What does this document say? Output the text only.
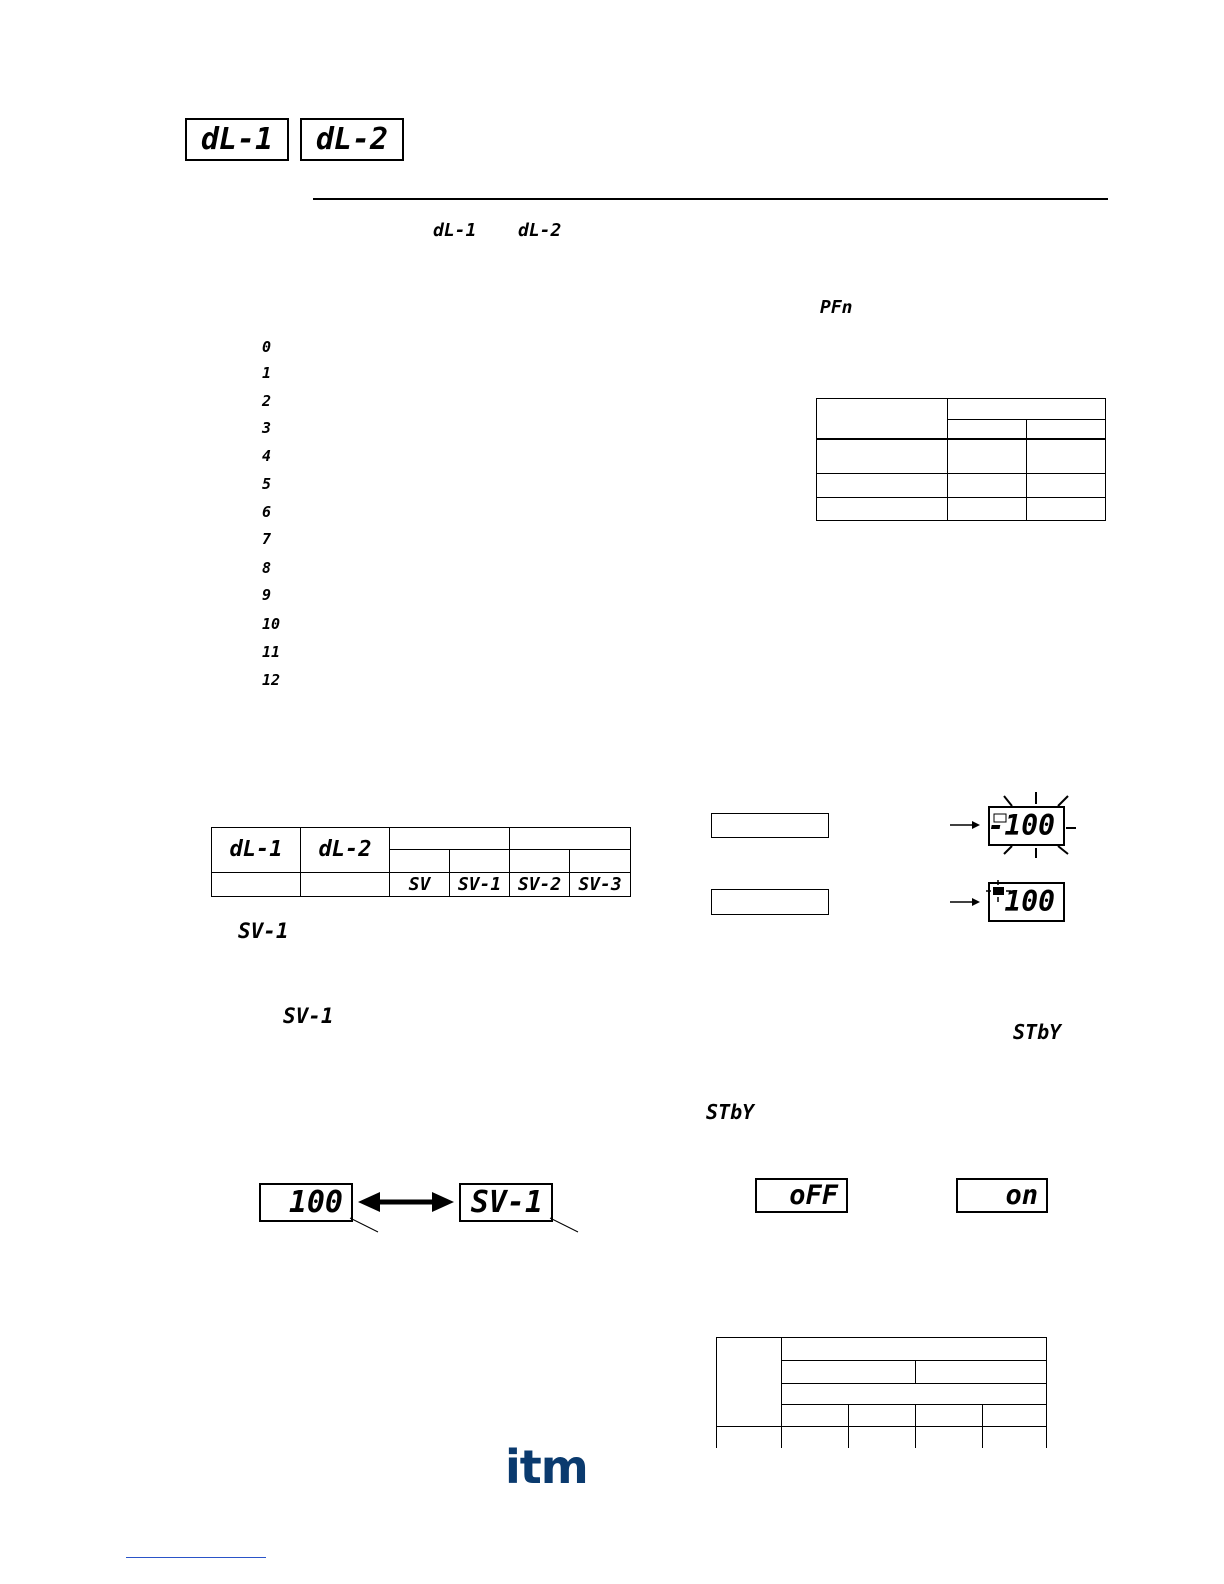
dL-1 dL-2
dL-1 dL-2
PFn
0
1
2
3
4
5
6
7
8
9
10
11
12

dL-1	dL-2				

		SV	SV-1	SV-2	SV-3
SV-1
SV-1
100	SV-1
-100
100
STbY
STbY
oFF	on

itm
